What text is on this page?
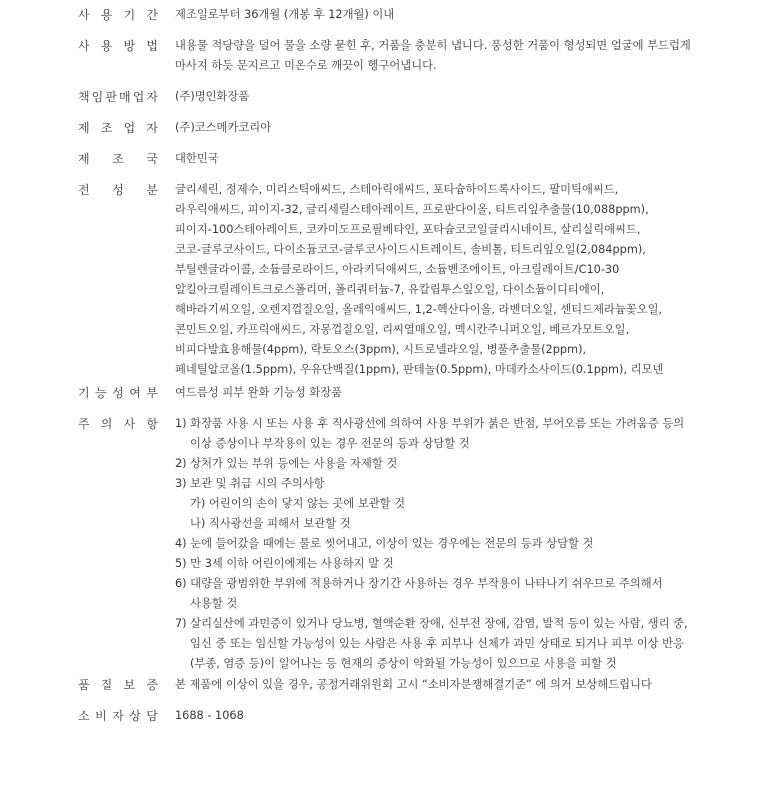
사 용 기 간 제조일로부터 36개월 (개봉 후 12개월) 이내

사 용 방 법 내용물 적당량을 덜어 물을 소량 묻힌 후, 거품을 충분히 냅니다. 풍성한 거품이 형성되면 얼굴에 부드럽게

마사지 하듯 문지르고 미온수로 깨끗이 헹구어냅니다.

책 임 판 매 업 자 (주)명인화장품

제 조 업 자 (주)코스메카코리아

제 조 국 대한민국

전 성 분 글리세린, 정제수, 미리스틱애씨드, 스테아릭애씨드, 포타슘하이드록사이드, 팔미틱애씨드,

라우릭애씨드, 피이지-32, 글리세릴스테아레이트, 프로판다이올, 티트리잎추출물(10,088ppm),

피이지-100스테아레이트, 코카미도프로필베타인, 포타슘코코일글리시네이트, 살리실릭애씨드,

코코-글루코사이드, 다이소듐코코-글루코사이드시트레이트, 솔비톨, 티트리잎오일(2,084ppm),

부틸렌글라이콜, 소듐클로라이드, 아라키딕애씨드, 소듐벤조에이트, 아크릴레이트/C10-30

알킬아크릴레이트크로스폴리머, 폴리쿼터늄-7, 유칼립투스잎오일, 다이소듐이디티에이,

해바라기씨오일, 오렌지껍질오일, 올레익애씨드, 1,2-헥산다이올, 라벤더오일, 센티드제라늄꽃오일,

콘민트오일, 카프릭애씨드, 자몽껍질오일, 리씨열매오일, 멕시칸주니퍼오일, 베르가모트오일,

비피다발효용해물(4ppm), 락토오스(3ppm), 시트로넬라오일, 병풀추출물(2ppm),

페네틸알코올(1.5ppm), 우유단백질(1ppm), 판테놀(0.5ppm), 마데카소사이드(0.1ppm), 리모넨

기 능 성 여 부 여드름성 피부 완화 기능성 화장품

주 의 사 항 1) 화장품 사용 시 또는 사용 후 직사광선에 의하여 사용 부위가 붉은 반점, 부어오름 또는 가려움증 등의

이상 증상이나 부작용이 있는 경우 전문의 등과 상담할 것

2) 상처가 있는 부위 등에는 사용을 자제할 것

3) 보관 및 취급 시의 주의사항

가) 어린이의 손이 닿지 않는 곳에 보관할 것

나) 직사광선을 피해서 보관할 것

4) 눈에 들어갔을 때에는 물로 씻어내고, 이상이 있는 경우에는 전문의 등과 상담할 것

5) 만 3세 이하 어린이에게는 사용하지 말 것

6) 대량을 광범위한 부위에 적용하거나 장기간 사용하는 경우 부작용이 나타나기 쉬우므로 주의해서

사용할 것

7) 살리실산에 과민증이 있거나 당뇨병, 혈액순환 장애, 신부전 장애, 감염, 발적 등이 있는 사람, 생리 중,

임신 중 또는 임신할 가능성이 있는 사람은 사용 후 피부나 신체가 과민 상태로 되거나 피부 이상 반응

(부종, 염증 등)이 일어나는 등 현재의 증상이 악화될 가능성이 있으므로 사용을 피할 것

품 질 보 증 본 제품에 이상이 있을 경우, 공정거래위원회 고시 “소비자분쟁해결기준” 에 의거 보상해드립니다

소 비 자 상 담 1688 - 1068
